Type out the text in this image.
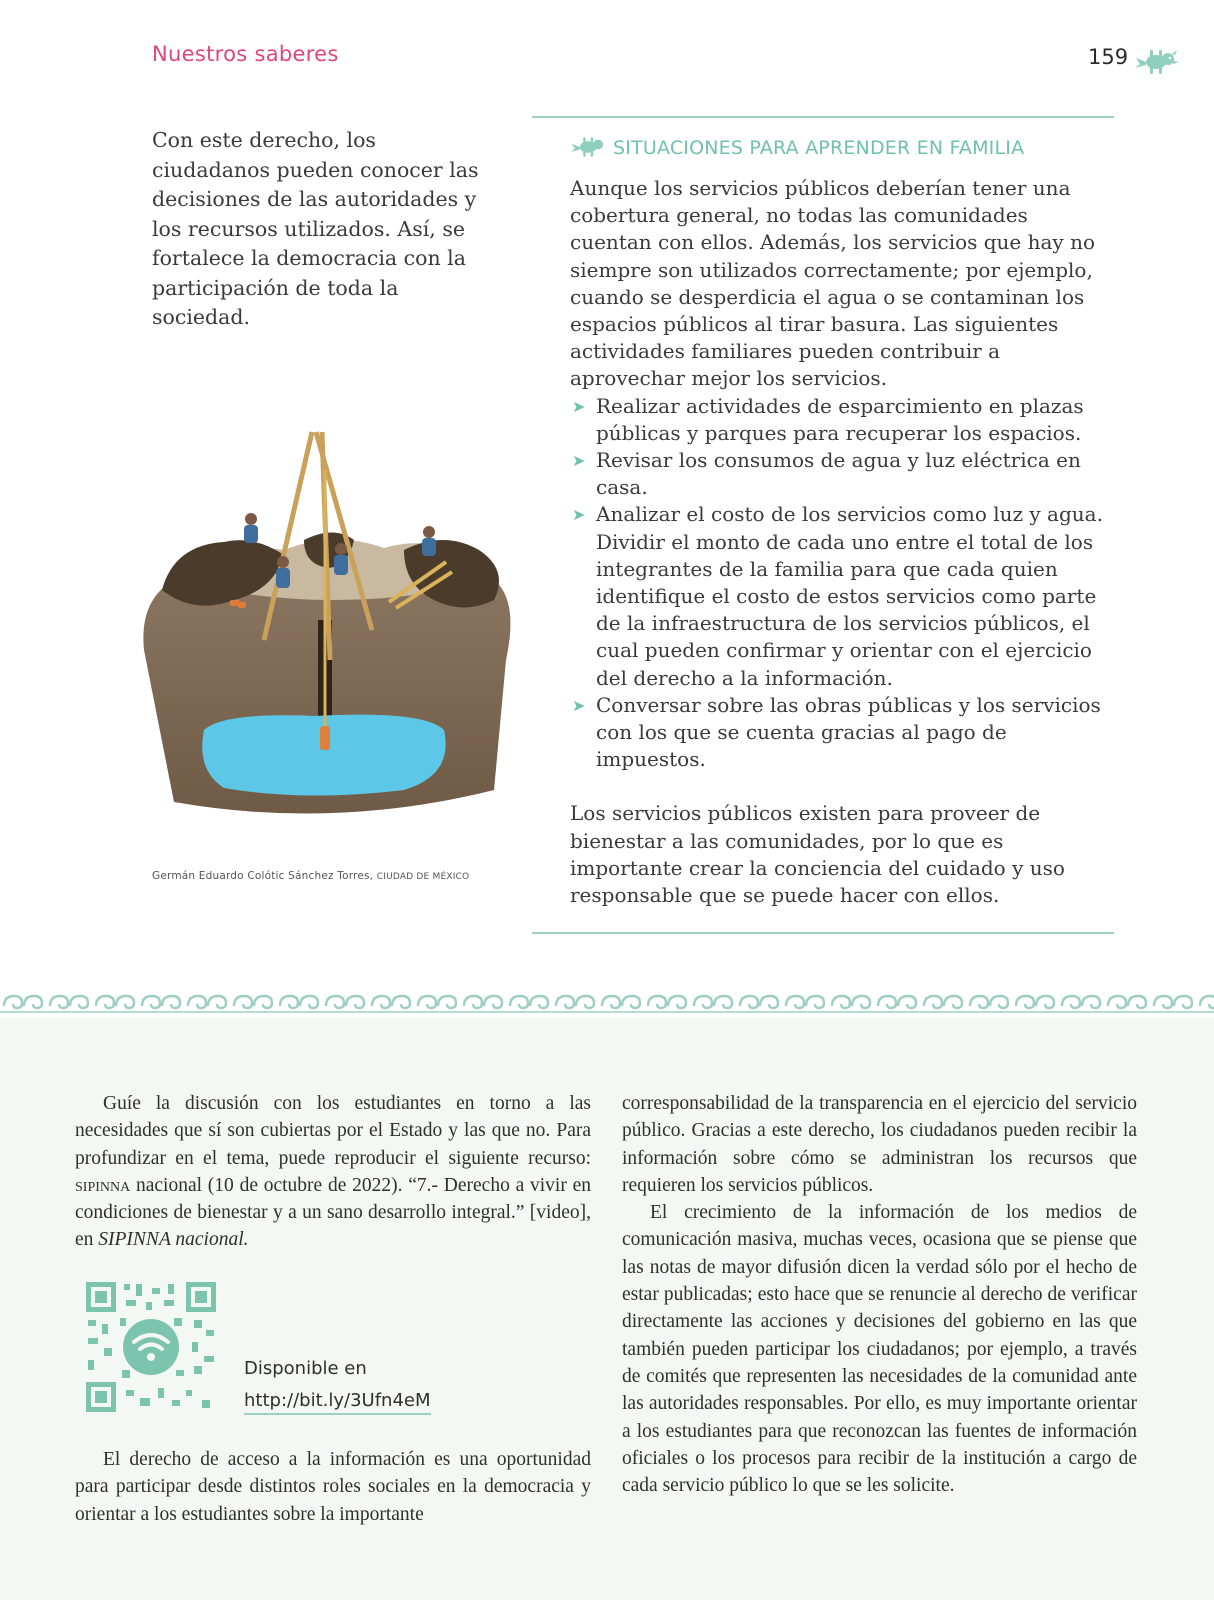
Nuestros saberes	159

Con este derecho, los ciudadanos pueden conocer las decisiones de las autoridades y los recursos utilizados. Así, se fortalece la democracia con la participación de toda la sociedad.

Germán Eduardo Colótic Sánchez Torres, CIUDAD DE MÉXICO
SITUACIONES PARA APRENDER EN FAMILIA

Aunque los servicios públicos deberían tener una cobertura general, no todas las comunidades cuentan con ellos. Además, los servicios que hay no siempre son utilizados correctamente; por ejemplo, cuando se desperdicia el agua o se contaminan los espacios públicos al tirar basura. Las siguientes actividades familiares pueden contribuir a aprovechar mejor los servicios.

➤ Realizar actividades de esparcimiento en plazas públicas y parques para recuperar los espacios.
➤ Revisar los consumos de agua y luz eléctrica en casa.
➤ Analizar el costo de los servicios como luz y agua. Dividir el monto de cada uno entre el total de los integrantes de la familia para que cada quien identifique el costo de estos servicios como parte de la infraestructura de los servicios públicos, el cual pueden confirmar y orientar con el ejercicio del derecho a la información.
➤ Conversar sobre las obras públicas y los servicios con los que se cuenta gracias al pago de impuestos.

Los servicios públicos existen para proveer de bienestar a las comunidades, por lo que es importante crear la conciencia del cuidado y uso responsable que se puede hacer con ellos.

Guíe la discusión con los estudiantes en torno a las necesidades que sí son cubiertas por el Estado y las que no. Para profundizar en el tema, puede reproducir el siguiente recurso: sipinna nacional (10 de octubre de 2022). “7.- Derecho a vivir en condiciones de bienestar y a un sano desarrollo integral.” [video], en SIPINNA nacional.

Disponible en
http://bit.ly/3Ufn4eM

El derecho de acceso a la información es una oportunidad para participar desde distintos roles sociales en la democracia y orientar a los estudiantes sobre la importante

corresponsabilidad de la transparencia en el ejercicio del servicio público. Gracias a este derecho, los ciudadanos pueden recibir la información sobre cómo se administran los recursos que requieren los servicios públicos.

El crecimiento de la información de los medios de comunicación masiva, muchas veces, ocasiona que se piense que las notas de mayor difusión dicen la verdad sólo por el hecho de estar publicadas; esto hace que se renuncie al derecho de verificar directamente las acciones y decisiones del gobierno en las que también pueden participar los ciudadanos; por ejemplo, a través de comités que representen las necesidades de la comunidad ante las autoridades responsables. Por ello, es muy importante orientar a los estudiantes para que reconozcan las fuentes de información oficiales o los procesos para recibir de la institución a cargo de cada servicio público lo que se les solicite.
